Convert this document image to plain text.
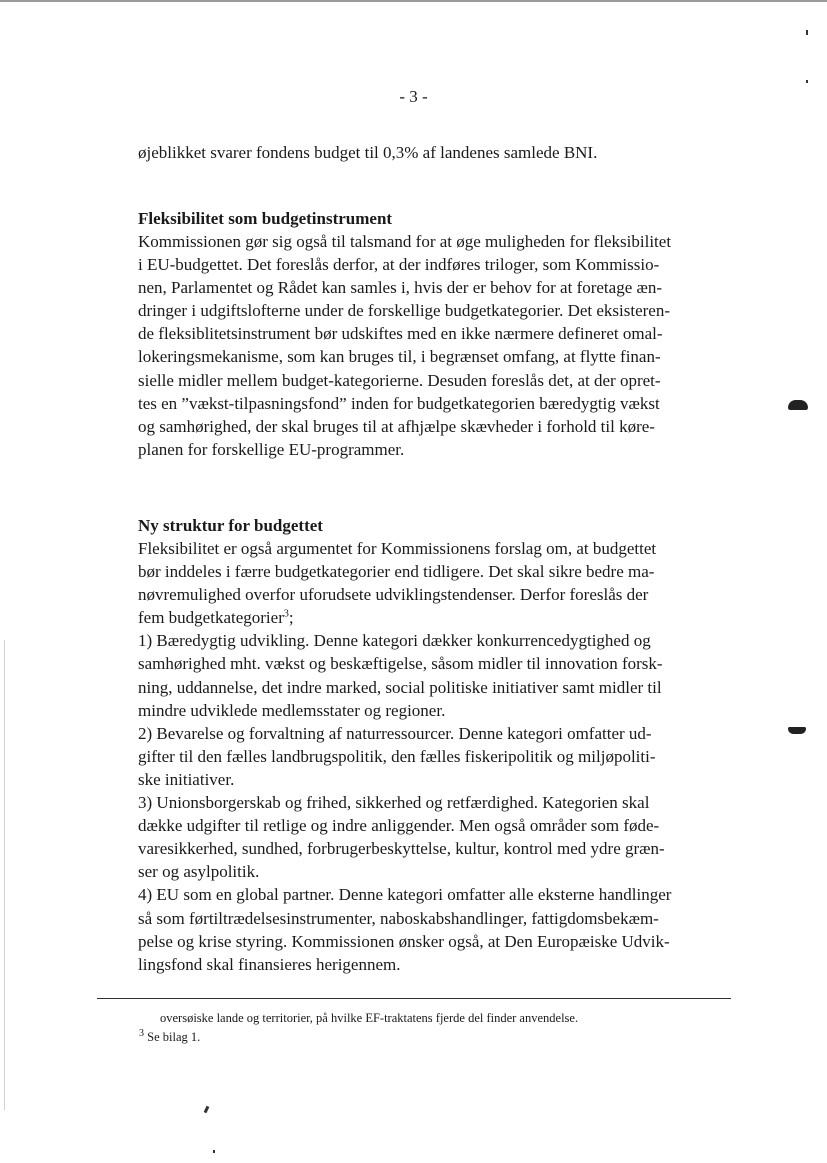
- 3 -
øjeblikket svarer fondens budget til 0,3% af landenes samlede BNI.
Fleksibilitet som budgetinstrument
Kommissionen gør sig også til talsmand for at øge muligheden for fleksibilitet
i EU-budgettet. Det foreslås derfor, at der indføres triloger, som Kommissio-
nen, Parlamentet og Rådet kan samles i, hvis der er behov for at foretage æn-
dringer i udgiftslofterne under de forskellige budgetkategorier. Det eksisteren-
de fleksiblitetsinstrument bør udskiftes med en ikke nærmere defineret omal-
lokeringsmekanisme, som kan bruges til, i begrænset omfang, at flytte finan-
sielle midler mellem budget-kategorierne. Desuden foreslås det, at der opret-
tes en ”vækst-tilpasningsfond” inden for budgetkategorien bæredygtig vækst
og samhørighed, der skal bruges til at afhjælpe skævheder i forhold til køre-
planen for forskellige EU-programmer.
Ny struktur for budgettet
Fleksibilitet er også argumentet for Kommissionens forslag om, at budgettet
bør inddeles i færre budgetkategorier end tidligere. Det skal sikre bedre ma-
nøvremulighed overfor uforudsete udviklingstendenser. Derfor foreslås der
fem budgetkategorier$^3$;
1) Bæredygtig udvikling. Denne kategori dækker konkurrencedygtighed og
samhørighed mht. vækst og beskæftigelse, såsom midler til innovation forsk-
ning, uddannelse, det indre marked, social politiske initiativer samt midler til
mindre udviklede medlemsstater og regioner.
2) Bevarelse og forvaltning af naturressourcer. Denne kategori omfatter ud-
gifter til den fælles landbrugspolitik, den fælles fiskeripolitik og miljøpoliti-
ske initiativer.
3) Unionsborgerskab og frihed, sikkerhed og retfærdighed. Kategorien skal
dække udgifter til retlige og indre anliggender. Men også områder som føde-
varesikkerhed, sundhed, forbrugerbeskyttelse, kultur, kontrol med ydre græn-
ser og asylpolitik.
4) EU som en global partner. Denne kategori omfatter alle eksterne handlinger
så som førtiltrædelsesinstrumenter, naboskabshandlinger, fattigdomsbekæm-
pelse og krise styring. Kommissionen ønsker også, at Den Europæiske Udvik-
lingsfond skal finansieres herigennem.
oversøiske lande og territorier, på hvilke EF-traktatens fjerde del finder anvendelse.
$^3$ Se bilag 1.
